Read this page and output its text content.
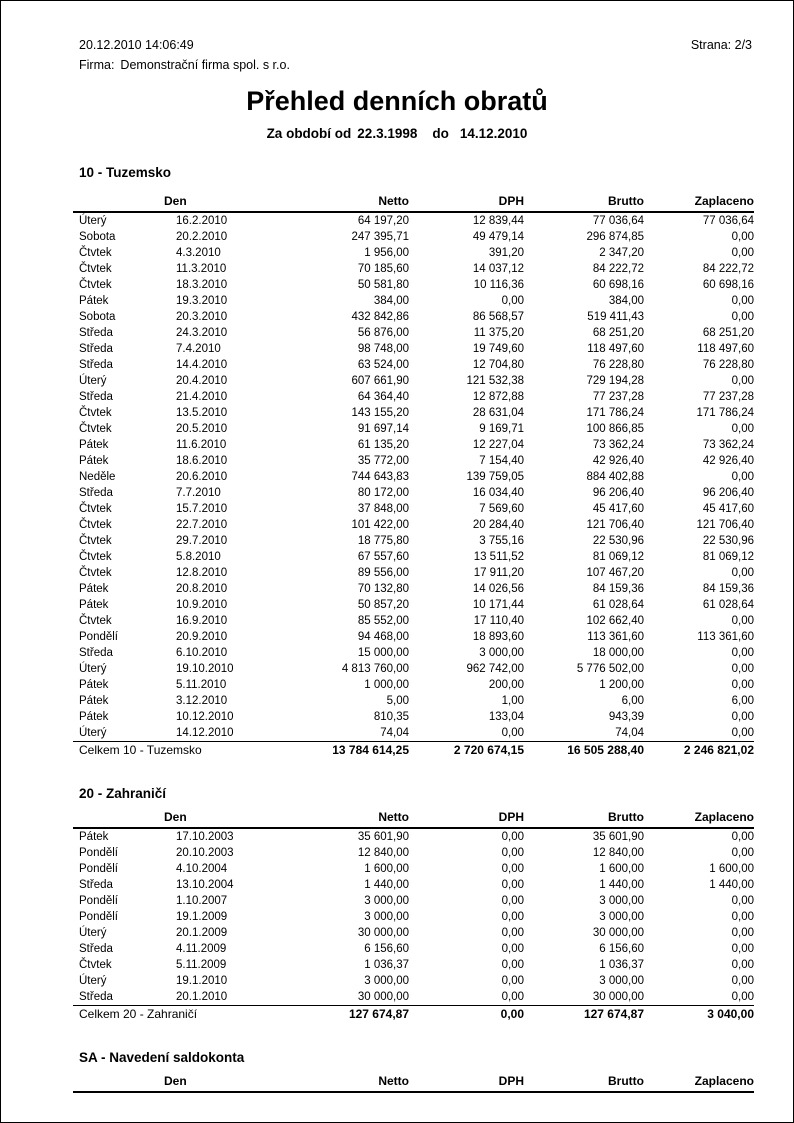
20.12.2010 14:06:49
Firma: Demonstrační firma spol. s r.o.
Strana: 2/3
Přehled denních obratů
Za období od 22.3.1998 do 14.12.2010
10 - Tuzemsko
Den	Netto	DPH	Brutto	Zaplaceno
Úterý	16.2.2010	64 197,20	12 839,44	77 036,64	77 036,64
Sobota	20.2.2010	247 395,71	49 479,14	296 874,85	0,00
Čtvtek	4.3.2010	1 956,00	391,20	2 347,20	0,00
Čtvtek	11.3.2010	70 185,60	14 037,12	84 222,72	84 222,72
Čtvtek	18.3.2010	50 581,80	10 116,36	60 698,16	60 698,16
Pátek	19.3.2010	384,00	0,00	384,00	0,00
Sobota	20.3.2010	432 842,86	86 568,57	519 411,43	0,00
Středa	24.3.2010	56 876,00	11 375,20	68 251,20	68 251,20
Středa	7.4.2010	98 748,00	19 749,60	118 497,60	118 497,60
Středa	14.4.2010	63 524,00	12 704,80	76 228,80	76 228,80
Úterý	20.4.2010	607 661,90	121 532,38	729 194,28	0,00
Středa	21.4.2010	64 364,40	12 872,88	77 237,28	77 237,28
Čtvtek	13.5.2010	143 155,20	28 631,04	171 786,24	171 786,24
Čtvtek	20.5.2010	91 697,14	9 169,71	100 866,85	0,00
Pátek	11.6.2010	61 135,20	12 227,04	73 362,24	73 362,24
Pátek	18.6.2010	35 772,00	7 154,40	42 926,40	42 926,40
Neděle	20.6.2010	744 643,83	139 759,05	884 402,88	0,00
Středa	7.7.2010	80 172,00	16 034,40	96 206,40	96 206,40
Čtvtek	15.7.2010	37 848,00	7 569,60	45 417,60	45 417,60
Čtvtek	22.7.2010	101 422,00	20 284,40	121 706,40	121 706,40
Čtvtek	29.7.2010	18 775,80	3 755,16	22 530,96	22 530,96
Čtvtek	5.8.2010	67 557,60	13 511,52	81 069,12	81 069,12
Čtvtek	12.8.2010	89 556,00	17 911,20	107 467,20	0,00
Pátek	20.8.2010	70 132,80	14 026,56	84 159,36	84 159,36
Pátek	10.9.2010	50 857,20	10 171,44	61 028,64	61 028,64
Čtvtek	16.9.2010	85 552,00	17 110,40	102 662,40	0,00
Pondělí	20.9.2010	94 468,00	18 893,60	113 361,60	113 361,60
Středa	6.10.2010	15 000,00	3 000,00	18 000,00	0,00
Úterý	19.10.2010	4 813 760,00	962 742,00	5 776 502,00	0,00
Pátek	5.11.2010	1 000,00	200,00	1 200,00	0,00
Pátek	3.12.2010	5,00	1,00	6,00	6,00
Pátek	10.12.2010	810,35	133,04	943,39	0,00
Úterý	14.12.2010	74,04	0,00	74,04	0,00
Celkem 10 - Tuzemsko	13 784 614,25	2 720 674,15	16 505 288,40	2 246 821,02
20 - Zahraničí
Den	Netto	DPH	Brutto	Zaplaceno
Pátek	17.10.2003	35 601,90	0,00	35 601,90	0,00
Pondělí	20.10.2003	12 840,00	0,00	12 840,00	0,00
Pondělí	4.10.2004	1 600,00	0,00	1 600,00	1 600,00
Středa	13.10.2004	1 440,00	0,00	1 440,00	1 440,00
Pondělí	1.10.2007	3 000,00	0,00	3 000,00	0,00
Pondělí	19.1.2009	3 000,00	0,00	3 000,00	0,00
Úterý	20.1.2009	30 000,00	0,00	30 000,00	0,00
Středa	4.11.2009	6 156,60	0,00	6 156,60	0,00
Čtvtek	5.11.2009	1 036,37	0,00	1 036,37	0,00
Úterý	19.1.2010	3 000,00	0,00	3 000,00	0,00
Středa	20.1.2010	30 000,00	0,00	30 000,00	0,00
Celkem 20 - Zahraničí	127 674,87	0,00	127 674,87	3 040,00
SA - Navedení saldokonta
Den	Netto	DPH	Brutto	Zaplaceno
